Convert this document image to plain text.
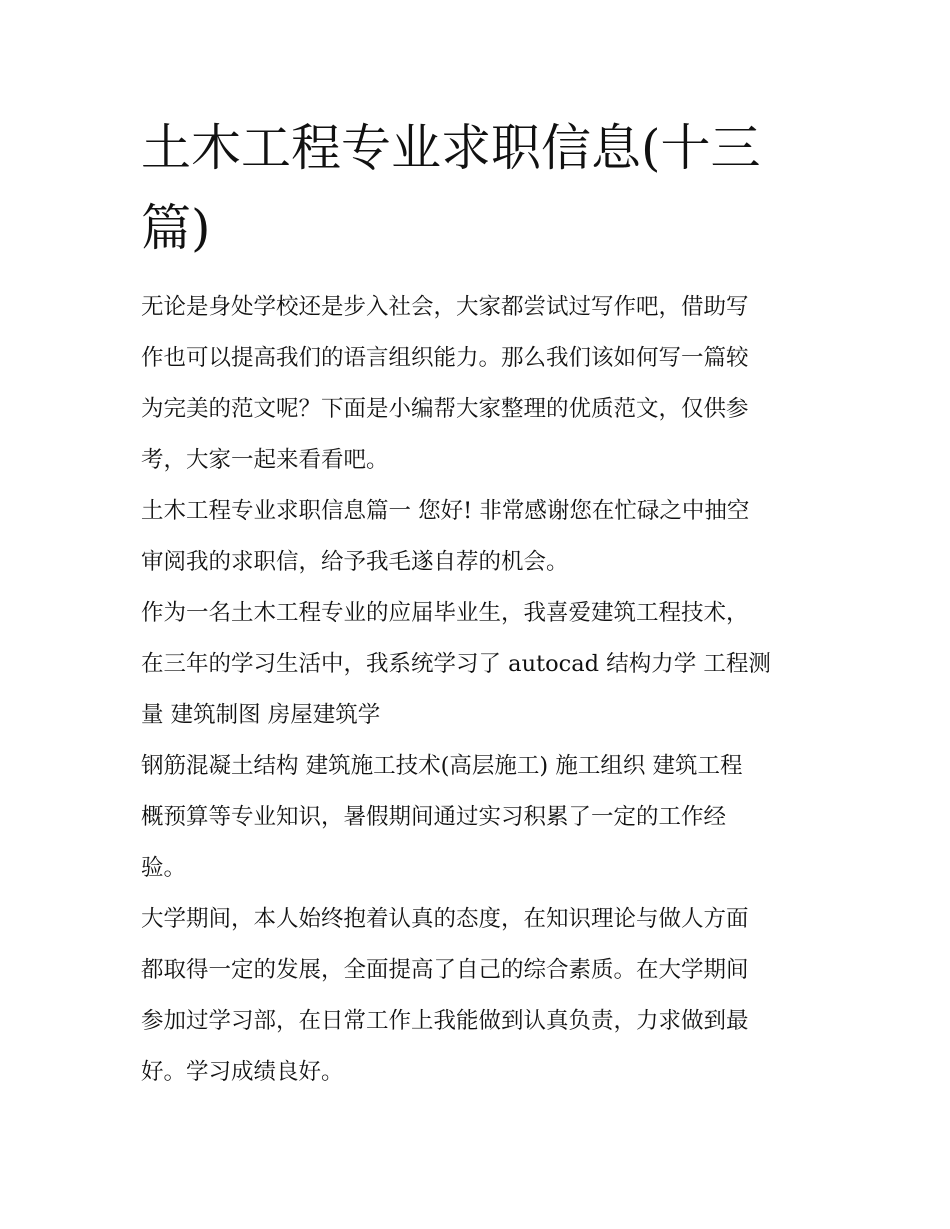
土木工程专业求职信息(十三
篇)

无论是身处学校还是步入社会，大家都尝试过写作吧，借助写
作也可以提高我们的语言组织能力。那么我们该如何写一篇较
为完美的范文呢？下面是小编帮大家整理的优质范文，仅供参
考，大家一起来看看吧。

土木工程专业求职信息篇一 您好! 非常感谢您在忙碌之中抽空
审阅我的求职信，给予我毛遂自荐的机会。

作为一名土木工程专业的应届毕业生，我喜爱建筑工程技术，
在三年的学习生活中，我系统学习了 autocad 结构力学 工程测
量 建筑制图 房屋建筑学

钢筋混凝土结构 建筑施工技术(高层施工) 施工组织 建筑工程
概预算等专业知识，暑假期间通过实习积累了一定的工作经
验。

大学期间，本人始终抱着认真的态度，在知识理论与做人方面
都取得一定的发展，全面提高了自己的综合素质。在大学期间
参加过学习部，在日常工作上我能做到认真负责，力求做到最
好。学习成绩良好。
